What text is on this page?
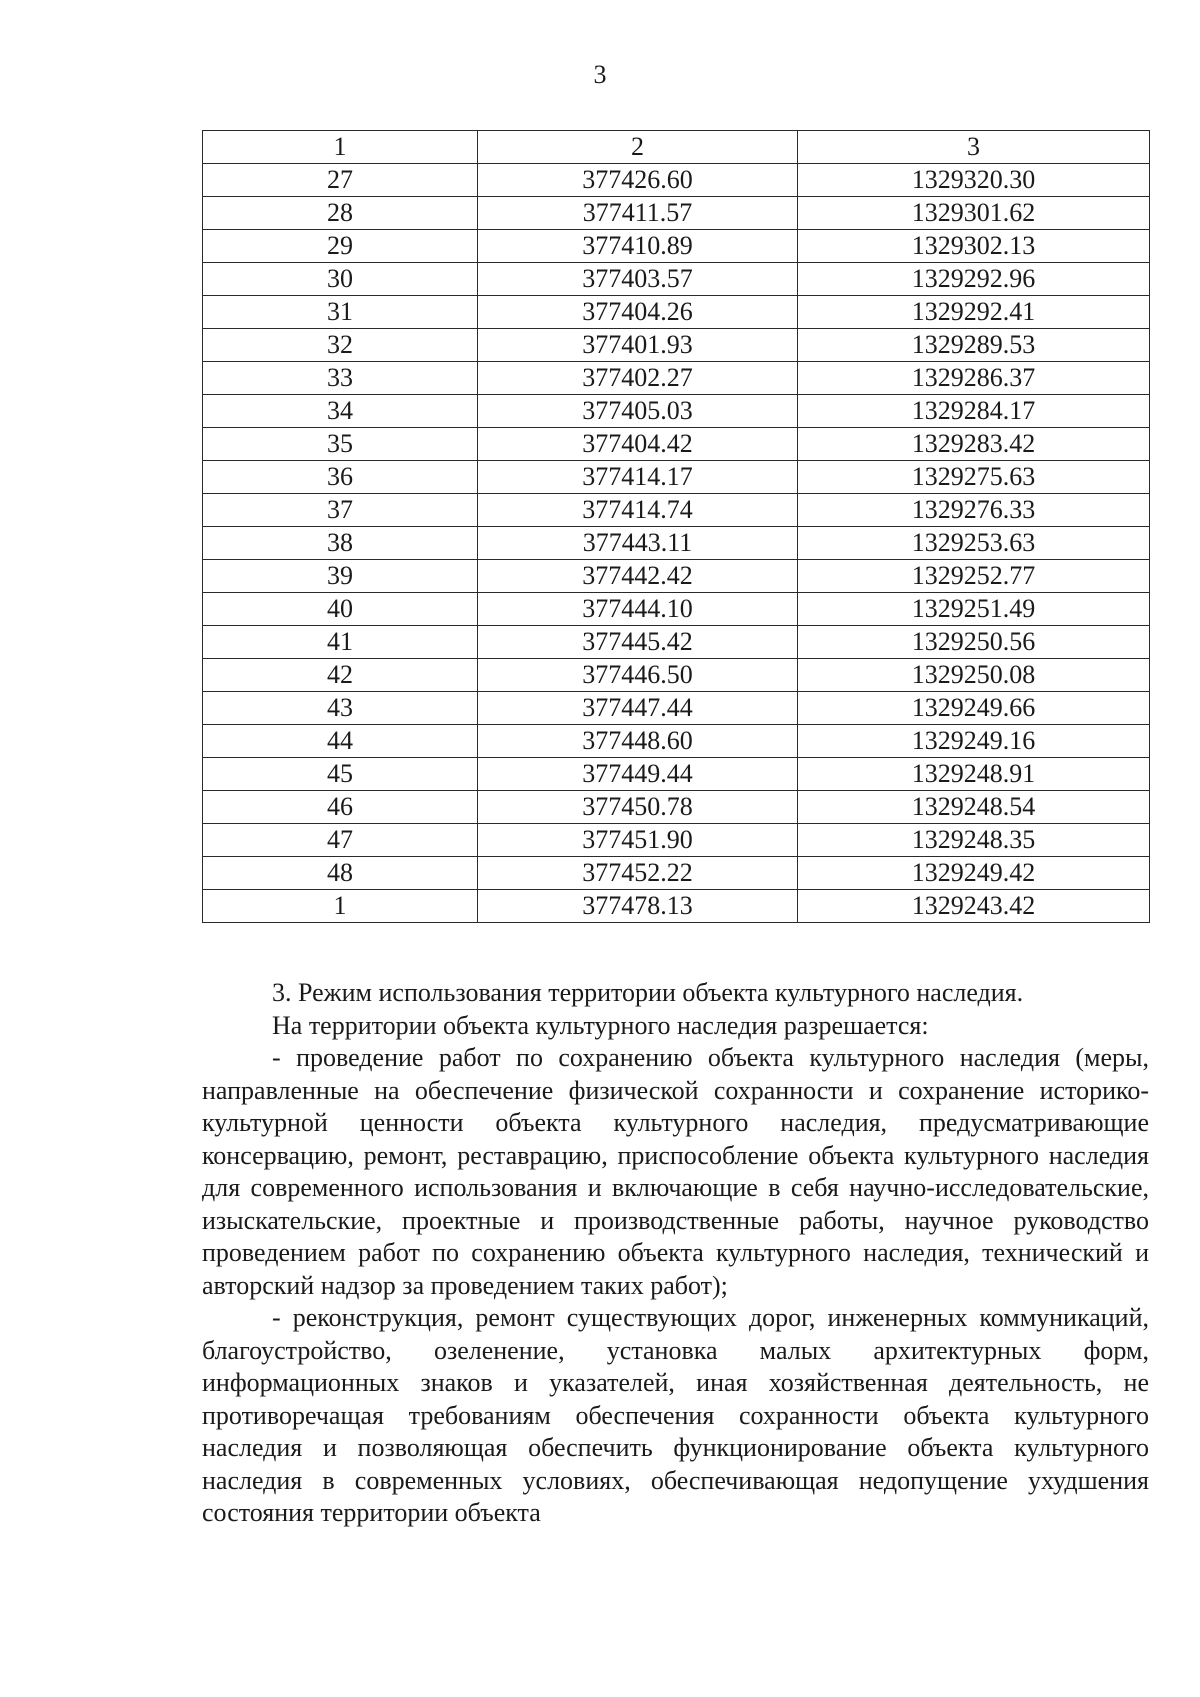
3
1	2	3
27	377426.60	1329320.30
28	377411.57	1329301.62
29	377410.89	1329302.13
30	377403.57	1329292.96
31	377404.26	1329292.41
32	377401.93	1329289.53
33	377402.27	1329286.37
34	377405.03	1329284.17
35	377404.42	1329283.42
36	377414.17	1329275.63
37	377414.74	1329276.33
38	377443.11	1329253.63
39	377442.42	1329252.77
40	377444.10	1329251.49
41	377445.42	1329250.56
42	377446.50	1329250.08
43	377447.44	1329249.66
44	377448.60	1329249.16
45	377449.44	1329248.91
46	377450.78	1329248.54
47	377451.90	1329248.35
48	377452.22	1329249.42
1	377478.13	1329243.42

3. Режим использования территории объекта культурного наследия.

На территории объекта культурного наследия разрешается:

- проведение работ по сохранению объекта культурного наследия (меры, направленные на обеспечение физической сохранности и сохранение историко-культурной ценности объекта культурного наследия, предусматривающие консервацию, ремонт, реставрацию, приспособление объекта культурного наследия для современного использования и включающие в себя научно-исследовательские, изыскательские, проектные и производственные работы, научное руководство проведением работ по сохранению объекта культурного наследия, технический и авторский надзор за проведением таких работ);

- реконструкция, ремонт существующих дорог, инженерных коммуникаций, благоустройство, озеленение, установка малых архитектурных форм, информационных знаков и указателей, иная хозяйственная деятельность, не противоречащая требованиям обеспечения сохранности объекта культурного наследия и позволяющая обеспечить функционирование объекта культурного наследия в современных условиях, обеспечивающая недопущение ухудшения состояния территории объекта
